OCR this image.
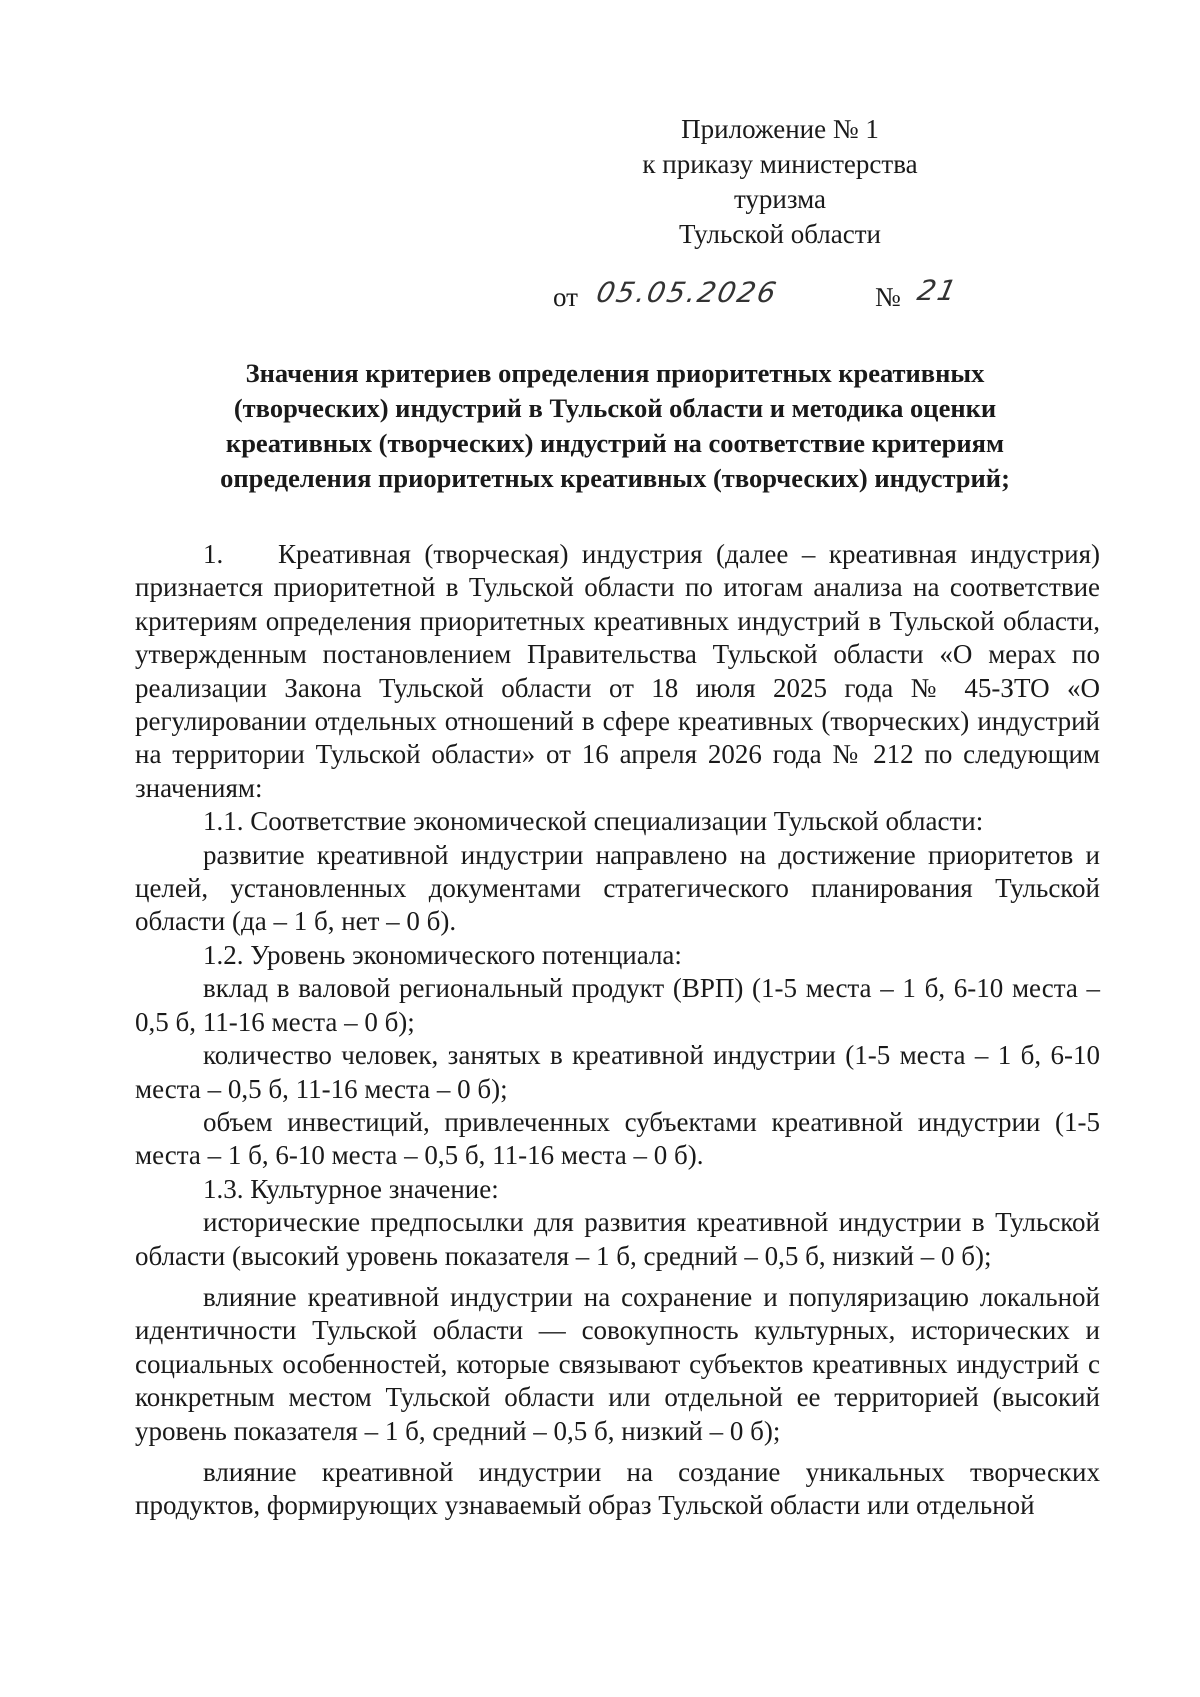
Приложение № 1
к приказу министерства
туризма
Тульской области
от 05.05.2026	№ 21
Значения критериев определения приоритетных креативных
(творческих) индустрий в Тульской области и методика оценки
креативных (творческих) индустрий на соответствие критериям
определения приоритетных креативных (творческих) индустрий;

1. Креативная (творческая) индустрия (далее – креативная индустрия) признается приоритетной в Тульской области по итогам анализа на соответствие критериям определения приоритетных креативных индустрий в Тульской области, утвержденным постановлением Правительства Тульской области «О мерах по реализации Закона Тульской области от 18 июля 2025 года № 45-ЗТО «О регулировании отдельных отношений в сфере креативных (творческих) индустрий на территории Тульской области» от 16 апреля 2026 года № 212 по следующим значениям:

1.1. Соответствие экономической специализации Тульской области:

развитие креативной индустрии направлено на достижение приоритетов и целей, установленных документами стратегического планирования Тульской области (да – 1 б, нет – 0 б).

1.2. Уровень экономического потенциала:

вклад в валовой региональный продукт (ВРП) (1-5 места – 1 б, 6-10 места – 0,5 б, 11-16 места – 0 б);

количество человек, занятых в креативной индустрии (1-5 места – 1 б, 6-10 места – 0,5 б, 11-16 места – 0 б);

объем инвестиций, привлеченных субъектами креативной индустрии (1-5 места – 1 б, 6-10 места – 0,5 б, 11-16 места – 0 б).

1.3. Культурное значение:

исторические предпосылки для развития креативной индустрии в Тульской области (высокий уровень показателя – 1 б, средний – 0,5 б, низкий – 0 б);

влияние креативной индустрии на сохранение и популяризацию локальной идентичности Тульской области — совокупность культурных, исторических и социальных особенностей, которые связывают субъектов креативных индустрий с конкретным местом Тульской области или отдельной ее территорией (высокий уровень показателя – 1 б, средний – 0,5 б, низкий – 0 б);

влияние креативной индустрии на создание уникальных творческих продуктов, формирующих узнаваемый образ Тульской области или отдельной
